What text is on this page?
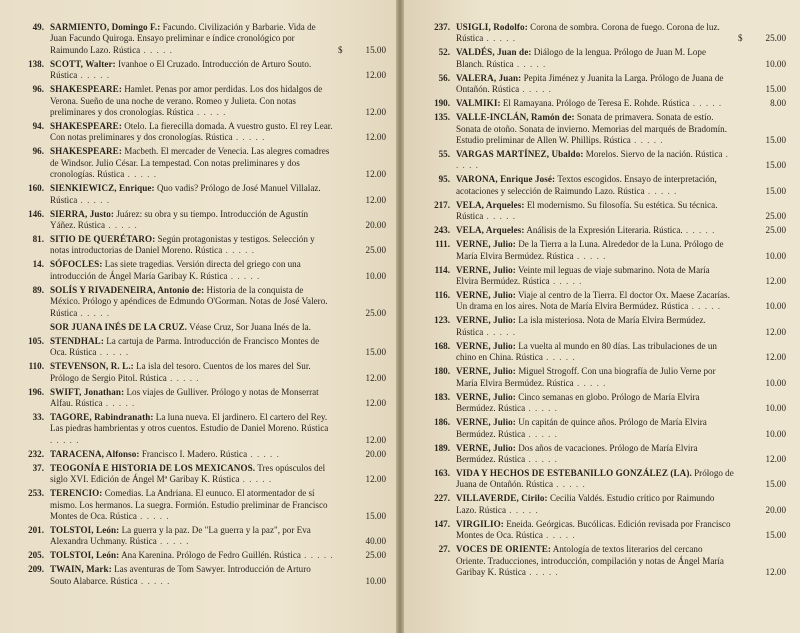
49. SARMIENTO, Domingo F.: Facundo. Civilización y Barbarie. Vida de Juan Facundo Quiroga. Ensayo preliminar e índice cronológico por Raimundo Lazo. Rústica . . . . .	$	15.00
138. SCOTT, Walter: Ivanhoe o El Cruzado. Introducción de Arturo Souto. Rústica . . . . .	12.00
96. SHAKESPEARE: Hamlet. Penas por amor perdidas. Los dos hidalgos de Verona. Sueño de una noche de verano. Romeo y Julieta. Con notas preliminares y dos cronologías. Rústica . . . . .	12.00
94. SHAKESPEARE: Otelo. La fierecilla domada. A vuestro gusto. El rey Lear. Con notas preliminares y dos cronologías. Rústica . . . . .	12.00
96. SHAKESPEARE: Macbeth. El mercader de Venecia. Las alegres comadres de Windsor. Julio César. La tempestad. Con notas preliminares y dos cronologías. Rústica . . . . .	12.00
160. SIENKIEWICZ, Enrique: Quo vadis? Prólogo de José Manuel Villalaz. Rústica . . . . .	12.00
146. SIERRA, Justo: Juárez: su obra y su tiempo. Introducción de Agustín Yáñez. Rústica . . . . .	20.00
81. SITIO DE QUERÉTARO: Según protagonistas y testigos. Selección y notas introductorias de Daniel Moreno. Rústica . . . . .	25.00
14. SÓFOCLES: Las siete tragedias. Versión directa del griego con una introducción de Ángel María Garibay K. Rústica . . . . .	10.00
89. SOLÍS Y RIVADENEIRA, Antonio de: Historia de la conquista de México. Prólogo y apéndices de Edmundo O'Gorman. Notas de José Valero. Rústica . . . . .	25.00
SOR JUANA INÉS DE LA CRUZ. Véase Cruz, Sor Juana Inés de la.
105. STENDHAL: La cartuja de Parma. Introducción de Francisco Montes de Oca. Rústica . . . . .	15.00
110. STEVENSON, R. L.: La isla del tesoro. Cuentos de los mares del Sur. Prólogo de Sergio Pitol. Rústica . . . . .	12.00
196. SWIFT, Jonathan: Los viajes de Gulliver. Prólogo y notas de Monserrat Alfau. Rústica . . . . .	12.00
33. TAGORE, Rabindranath: La luna nueva. El jardinero. El cartero del Rey. Las piedras hambrientas y otros cuentos. Estudio de Daniel Moreno. Rústica . . . . .	12.00
232. TARACENA, Alfonso: Francisco I. Madero. Rústica . . . . .	20.00
37. TEOGONÍA E HISTORIA DE LOS MEXICANOS. Tres opúsculos del siglo XVI. Edición de Ángel Mª Garibay K. Rústica . . . . .	12.00
253. TERENCIO: Comedias. La Andriana. El eunuco. El atormentador de sí mismo. Los hermanos. La suegra. Formión. Estudio preliminar de Francisco Montes de Oca. Rústica . . . . .	15.00
201. TOLSTOI, León: La guerra y la paz. De "La guerra y la paz", por Eva Alexandra Uchmany. Rústica . . . . .	40.00
205. TOLSTOI, León: Ana Karenina. Prólogo de Fedro Guillén. Rústica . . . . .	25.00
209. TWAIN, Mark: Las aventuras de Tom Sawyer. Introducción de Arturo Souto Alabarce. Rústica . . . . .	10.00
237. USIGLI, Rodolfo: Corona de sombra. Corona de fuego. Corona de luz. Rústica . . . . .	$	25.00
52. VALDÉS, Juan de: Diálogo de la lengua. Prólogo de Juan M. Lope Blanch. Rústica . . . . .	10.00
56. VALERA, Juan: Pepita Jiménez y Juanita la Larga. Prólogo de Juana de Ontañón. Rústica . . . . .	15.00
190. VALMIKI: El Ramayana. Prólogo de Teresa E. Rohde. Rústica . . . . .	8.00
135. VALLE-INCLÁN, Ramón de: Sonata de primavera. Sonata de estío. Sonata de otoño. Sonata de invierno. Memorias del marqués de Bradomín. Estudio preliminar de Allen W. Phillips. Rústica . . . . .	15.00
55. VARGAS MARTÍNEZ, Ubaldo: Morelos. Siervo de la nación. Rústica . . . . .	15.00
95. VARONA, Enrique José: Textos escogidos. Ensayo de interpretación, acotaciones y selección de Raimundo Lazo. Rústica . . . . .	15.00
217. VELA, Arqueles: El modernismo. Su filosofía. Su estética. Su técnica. Rústica . . . . .	25.00
243. VELA, Arqueles: Análisis de la Expresión Literaria. Rústica. . . . . .	25.00
111. VERNE, Julio: De la Tierra a la Luna. Alrededor de la Luna. Prólogo de María Elvira Bermúdez. Rústica . . . . .	10.00
114. VERNE, Julio: Veinte mil leguas de viaje submarino. Nota de María Elvira Bermúdez. Rústica . . . . .	12.00
116. VERNE, Julio: Viaje al centro de la Tierra. El doctor Ox. Maese Zacarías. Un drama en los aires. Nota de María Elvira Bermúdez. Rústica . . . . .	10.00
123. VERNE, Julio: La isla misteriosa. Nota de María Elvira Bermúdez. Rústica . . . . .	12.00
168. VERNE, Julio: La vuelta al mundo en 80 días. Las tribulaciones de un chino en China. Rústica . . . . .	12.00
180. VERNE, Julio: Miguel Strogoff. Con una biografía de Julio Verne por María Elvira Bermúdez. Rústica . . . . .	10.00
183. VERNE, Julio: Cinco semanas en globo. Prólogo de María Elvira Bermúdez. Rústica . . . . .	10.00
186. VERNE, Julio: Un capitán de quince años. Prólogo de María Elvira Bermúdez. Rústica . . . . .	10.00
189. VERNE, Julio: Dos años de vacaciones. Prólogo de María Elvira Bermúdez. Rústica . . . . .	12.00
163. VIDA Y HECHOS DE ESTEBANILLO GONZÁLEZ (LA). Prólogo de Juana de Ontañón. Rústica . . . . .	15.00
227. VILLAVERDE, Cirilo: Cecilia Valdés. Estudio crítico por Raimundo Lazo. Rústica . . . . .	20.00
147. VIRGILIO: Eneida. Geórgicas. Bucólicas. Edición revisada por Francisco Montes de Oca. Rústica . . . . .	15.00
27. VOCES DE ORIENTE: Antología de textos literarios del cercano Oriente. Traducciones, introducción, compilación y notas de Ángel María Garibay K. Rústica . . . . .	12.00
